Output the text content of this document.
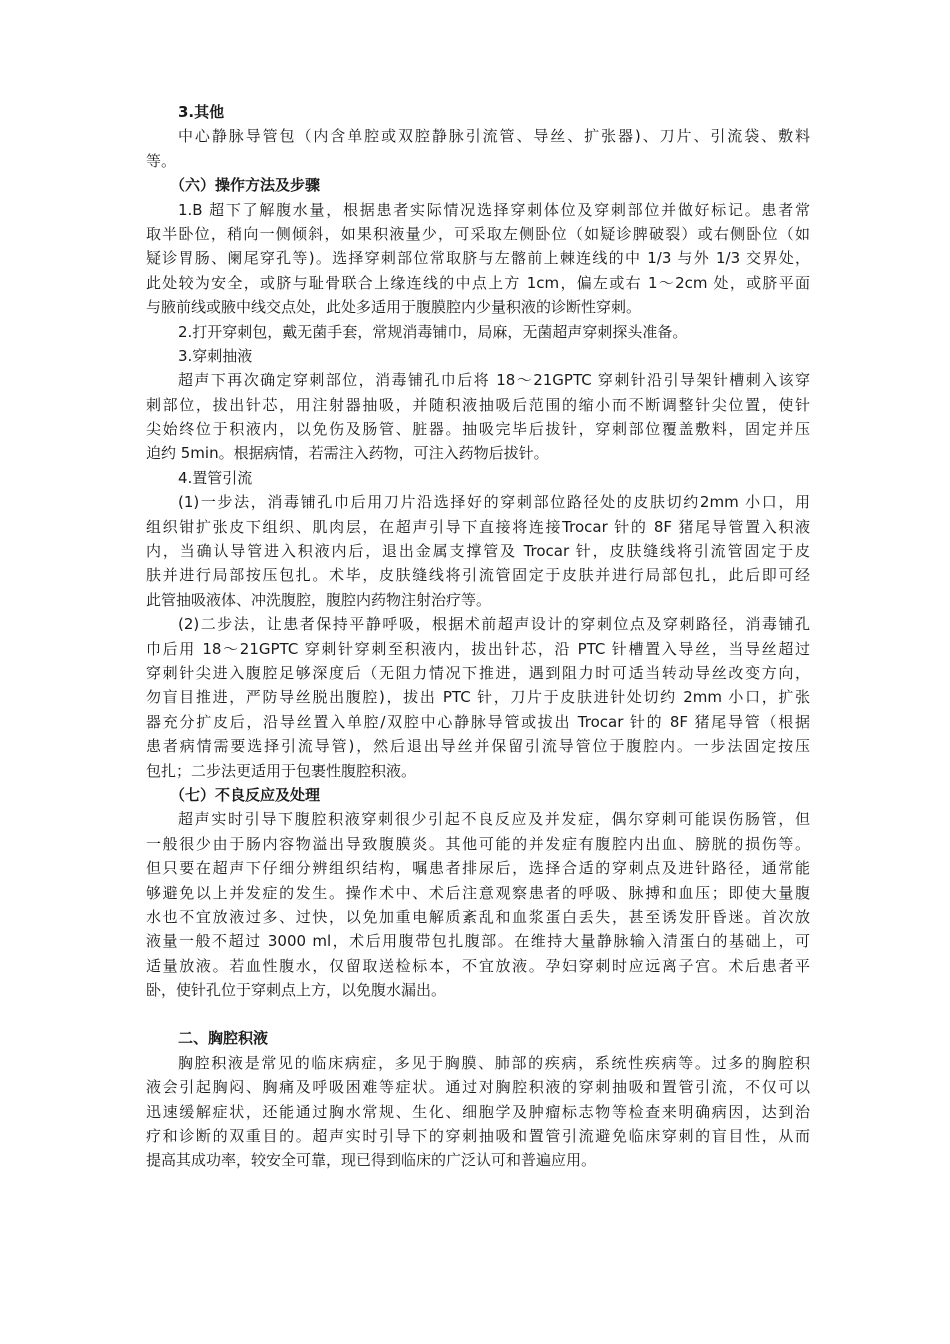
3.其他
中心静脉导管包（内含单腔或双腔静脉引流管、导丝、扩张器)、刀片、引流袋、敷料
等。
（六）操作方法及步骤
1.B 超下了解腹水量，根据患者实际情况选择穿刺体位及穿刺部位并做好标记。患者常
取半卧位，稍向一侧倾斜，如果积液量少，可采取左侧卧位（如疑诊脾破裂）或右侧卧位（如
疑诊胃肠、阑尾穿孔等)。选择穿刺部位常取脐与左髂前上棘连线的中 1/3 与外 1/3 交界处，
此处较为安全，或脐与耻骨联合上缘连线的中点上方 1cm，偏左或右 1～2cm 处，或脐平面
与腋前线或腋中线交点处，此处多适用于腹膜腔内少量积液的诊断性穿刺。
2.打开穿刺包，戴无菌手套，常规消毒铺巾，局麻，无菌超声穿刺探头准备。
3.穿刺抽液
超声下再次确定穿刺部位，消毒铺孔巾后将 18～21GPTC 穿刺针沿引导架针槽刺入该穿
刺部位，拔出针芯，用注射器抽吸，并随积液抽吸后范围的缩小而不断调整针尖位置，使针
尖始终位于积液内，以免伤及肠管、脏器。抽吸完毕后拔针，穿刺部位覆盖敷料，固定并压
迫约 5min。根据病情，若需注入药物，可注入药物后拔针。
4.置管引流
(1)一步法，消毒铺孔巾后用刀片沿选择好的穿刺部位路径处的皮肤切约2mm 小口，用
组织钳扩张皮下组织、肌肉层，在超声引导下直接将连接Trocar 针的 8F 猪尾导管置入积液
内，当确认导管进入积液内后，退出金属支撑管及 Trocar 针，皮肤缝线将引流管固定于皮
肤并进行局部按压包扎。术毕，皮肤缝线将引流管固定于皮肤并进行局部包扎，此后即可经
此管抽吸液体、冲洗腹腔，腹腔内药物注射治疗等。
(2)二步法，让患者保持平静呼吸，根据术前超声设计的穿刺位点及穿刺路径，消毒铺孔
巾后用 18～21GPTC 穿刺针穿刺至积液内，拔出针芯，沿 PTC 针槽置入导丝，当导丝超过
穿刺针尖进入腹腔足够深度后（无阻力情况下推进，遇到阻力时可适当转动导丝改变方向，
勿盲目推进，严防导丝脱出腹腔)，拔出 PTC 针，刀片于皮肤进针处切约 2mm 小口，扩张
器充分扩皮后，沿导丝置入单腔/双腔中心静脉导管或拔出 Trocar 针的 8F 猪尾导管（根据
患者病情需要选择引流导管)，然后退出导丝并保留引流导管位于腹腔内。一步法固定按压
包扎；二步法更适用于包裹性腹腔积液。
（七）不良反应及处理
超声实时引导下腹腔积液穿刺很少引起不良反应及并发症，偶尔穿刺可能误伤肠管，但
一般很少由于肠内容物溢出导致腹膜炎。其他可能的并发症有腹腔内出血、膀胱的损伤等。
但只要在超声下仔细分辨组织结构，嘱患者排尿后，选择合适的穿刺点及进针路径，通常能
够避免以上并发症的发生。操作术中、术后注意观察患者的呼吸、脉搏和血压；即使大量腹
水也不宜放液过多、过快，以免加重电解质紊乱和血浆蛋白丢失，甚至诱发肝昏迷。首次放
液量一般不超过 3000 ml，术后用腹带包扎腹部。在维持大量静脉输入清蛋白的基础上，可
适量放液。若血性腹水，仅留取送检标本，不宜放液。孕妇穿刺时应远离子宫。术后患者平
卧，使针孔位于穿刺点上方，以免腹水漏出。
二、胸腔积液
胸腔积液是常见的临床病症，多见于胸膜、肺部的疾病，系统性疾病等。过多的胸腔积
液会引起胸闷、胸痛及呼吸困难等症状。通过对胸腔积液的穿刺抽吸和置管引流，不仅可以
迅速缓解症状，还能通过胸水常规、生化、细胞学及肿瘤标志物等检查来明确病因，达到治
疗和诊断的双重目的。超声实时引导下的穿刺抽吸和置管引流避免临床穿刺的盲目性，从而
提高其成功率，较安全可靠，现已得到临床的广泛认可和普遍应用。
